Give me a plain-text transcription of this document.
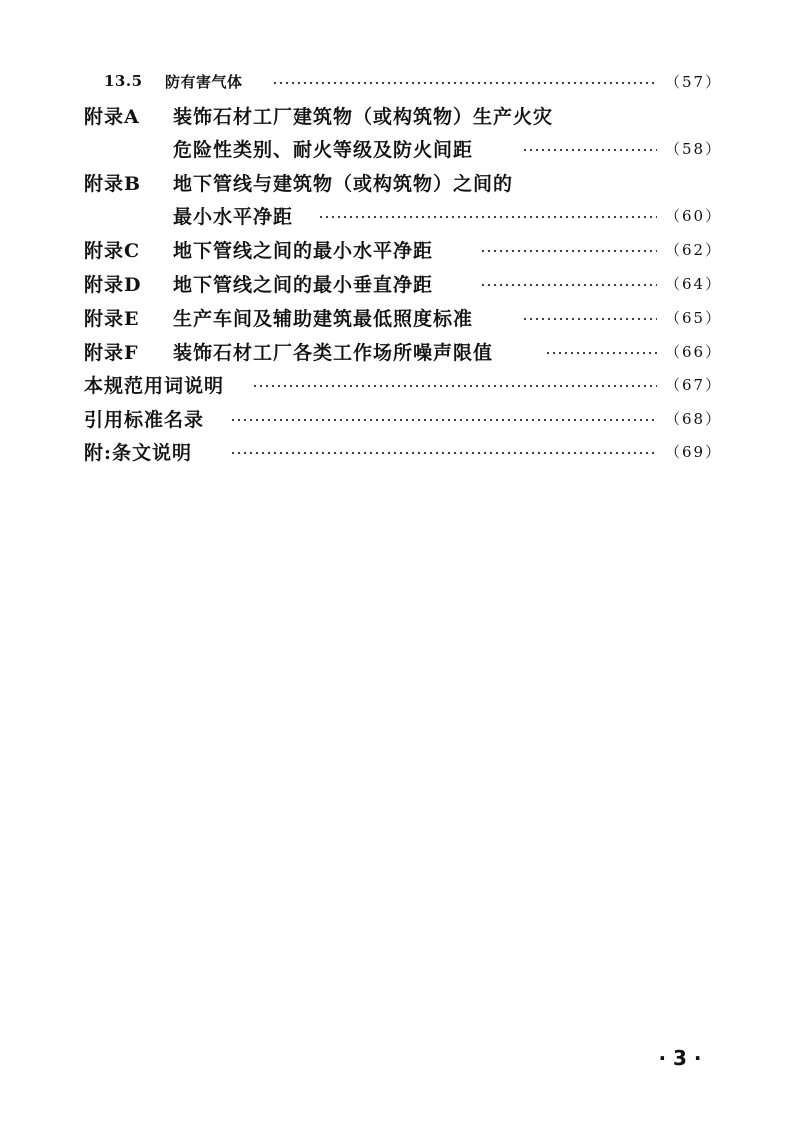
13.5 防有害气体	（57）
附录A 装饰石材工厂建筑物（或构筑物）生产火灾
危险性类别、耐火等级及防火间距	（58）
附录B 地下管线与建筑物（或构筑物）之间的
最小水平净距	（60）
附录C 地下管线之间的最小水平净距	（62）
附录D 地下管线之间的最小垂直净距	（64）
附录E 生产车间及辅助建筑最低照度标准	（65）
附录F 装饰石材工厂各类工作场所噪声限值	（66）
本规范用词说明	（67）
引用标准名录	（68）
附:条文说明	（69）
· 3 ·
